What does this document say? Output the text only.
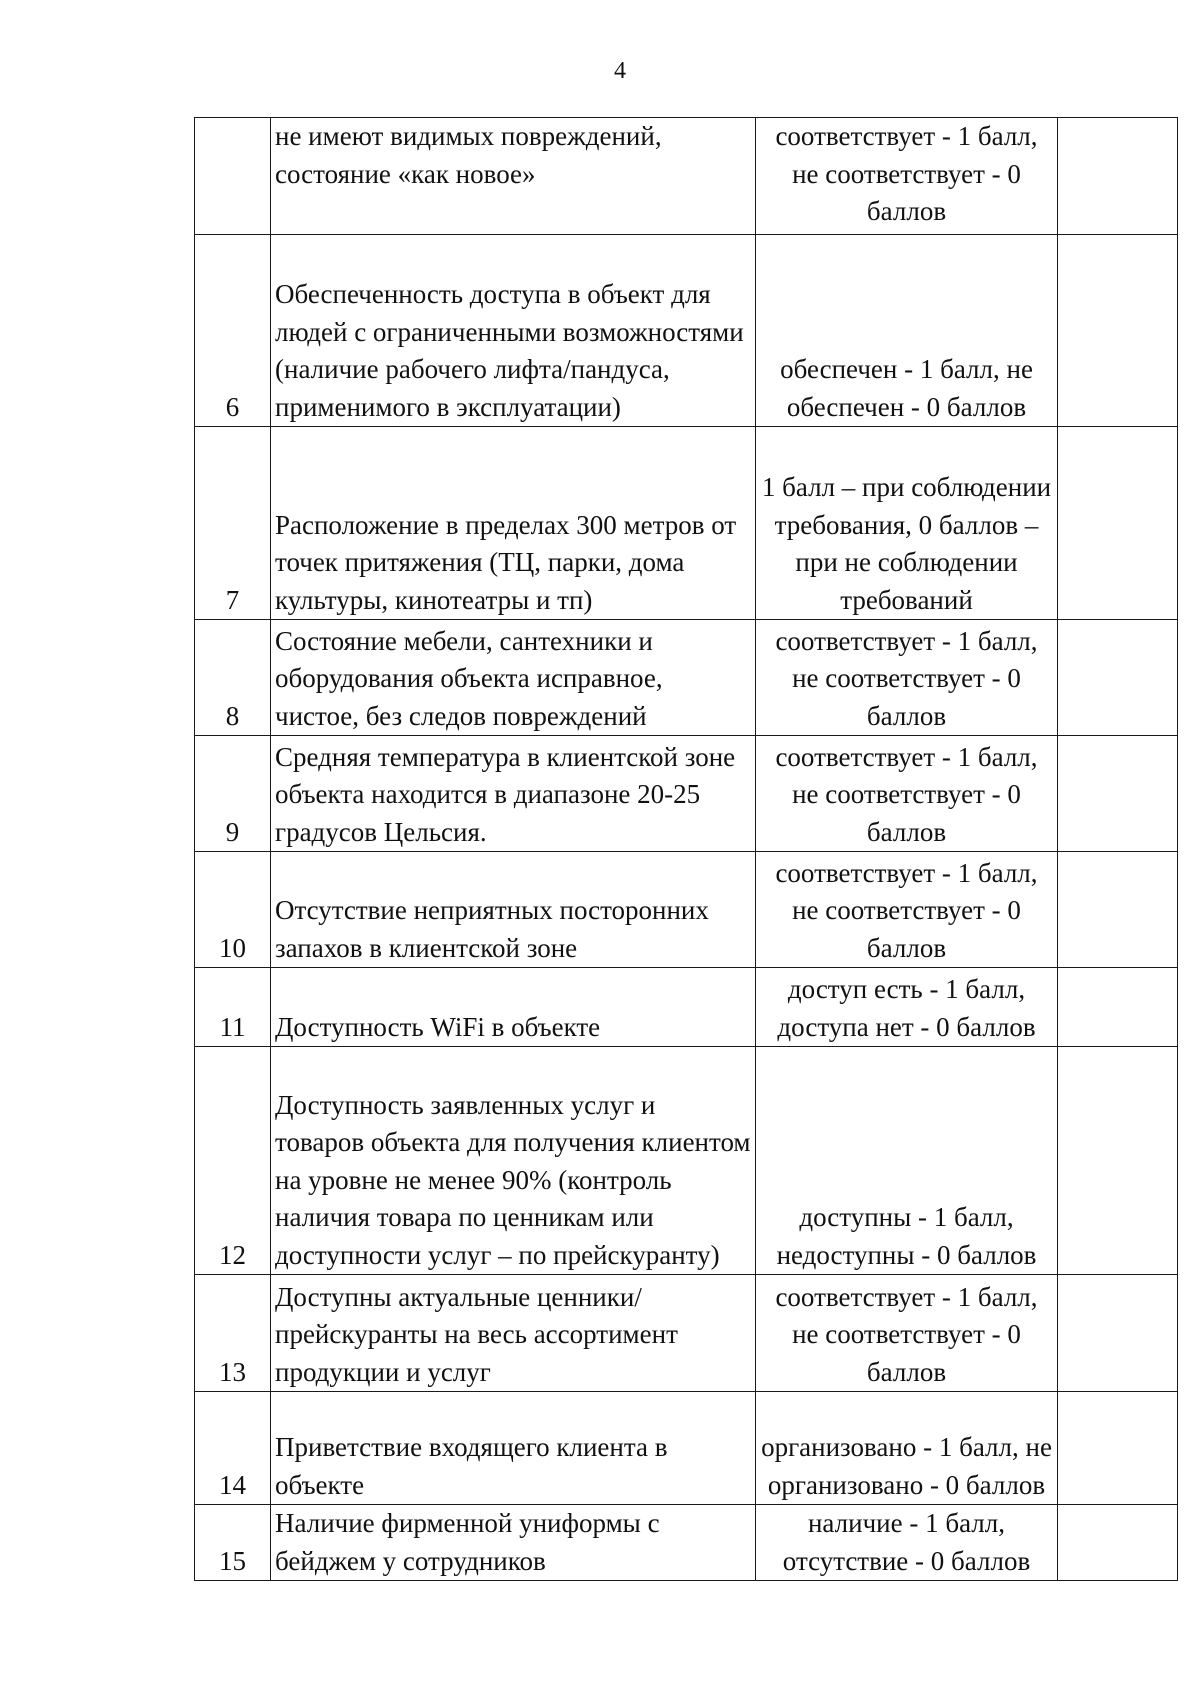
4
	не имеют видимых повреждений, состояние «как новое»	соответствует - 1 балл, не соответствует - 0 баллов	
6	Обеспеченность доступа в объект для людей с ограниченными возможностями (наличие рабочего лифта/пандуса, применимого в эксплуатации)	обеспечен - 1 балл, не обеспечен - 0 баллов	
7	Расположение в пределах 300 метров от точек притяжения (ТЦ, парки, дома культуры, кинотеатры и тп)	1 балл – при соблюдении требования, 0 баллов – при не соблюдении требований	
8	Состояние мебели, сантехники и оборудования объекта исправное, чистое, без следов повреждений	соответствует - 1 балл, не соответствует - 0 баллов	
9	Средняя температура в клиентской зоне объекта находится в диапазоне 20-25 градусов Цельсия.	соответствует - 1 балл, не соответствует - 0 баллов	
10	Отсутствие неприятных посторонних запахов в клиентской зоне	соответствует - 1 балл, не соответствует - 0 баллов	
11	Доступность WiFi в объекте	доступ есть - 1 балл, доступа нет - 0 баллов	
12	Доступность заявленных услуг и товаров объекта для получения клиентом на уровне не менее 90% (контроль наличия товара по ценникам или доступности услуг – по прейскуранту)	доступны - 1 балл, недоступны - 0 баллов	
13	Доступны актуальные ценники/прейскуранты на весь ассортимент продукции и услуг	соответствует - 1 балл, не соответствует - 0 баллов	
14	Приветствие входящего клиента в объекте	организовано - 1 балл, не организовано - 0 баллов	
15	Наличие фирменной униформы с бейджем у сотрудников	наличие - 1 балл, отсутствие - 0 баллов	
